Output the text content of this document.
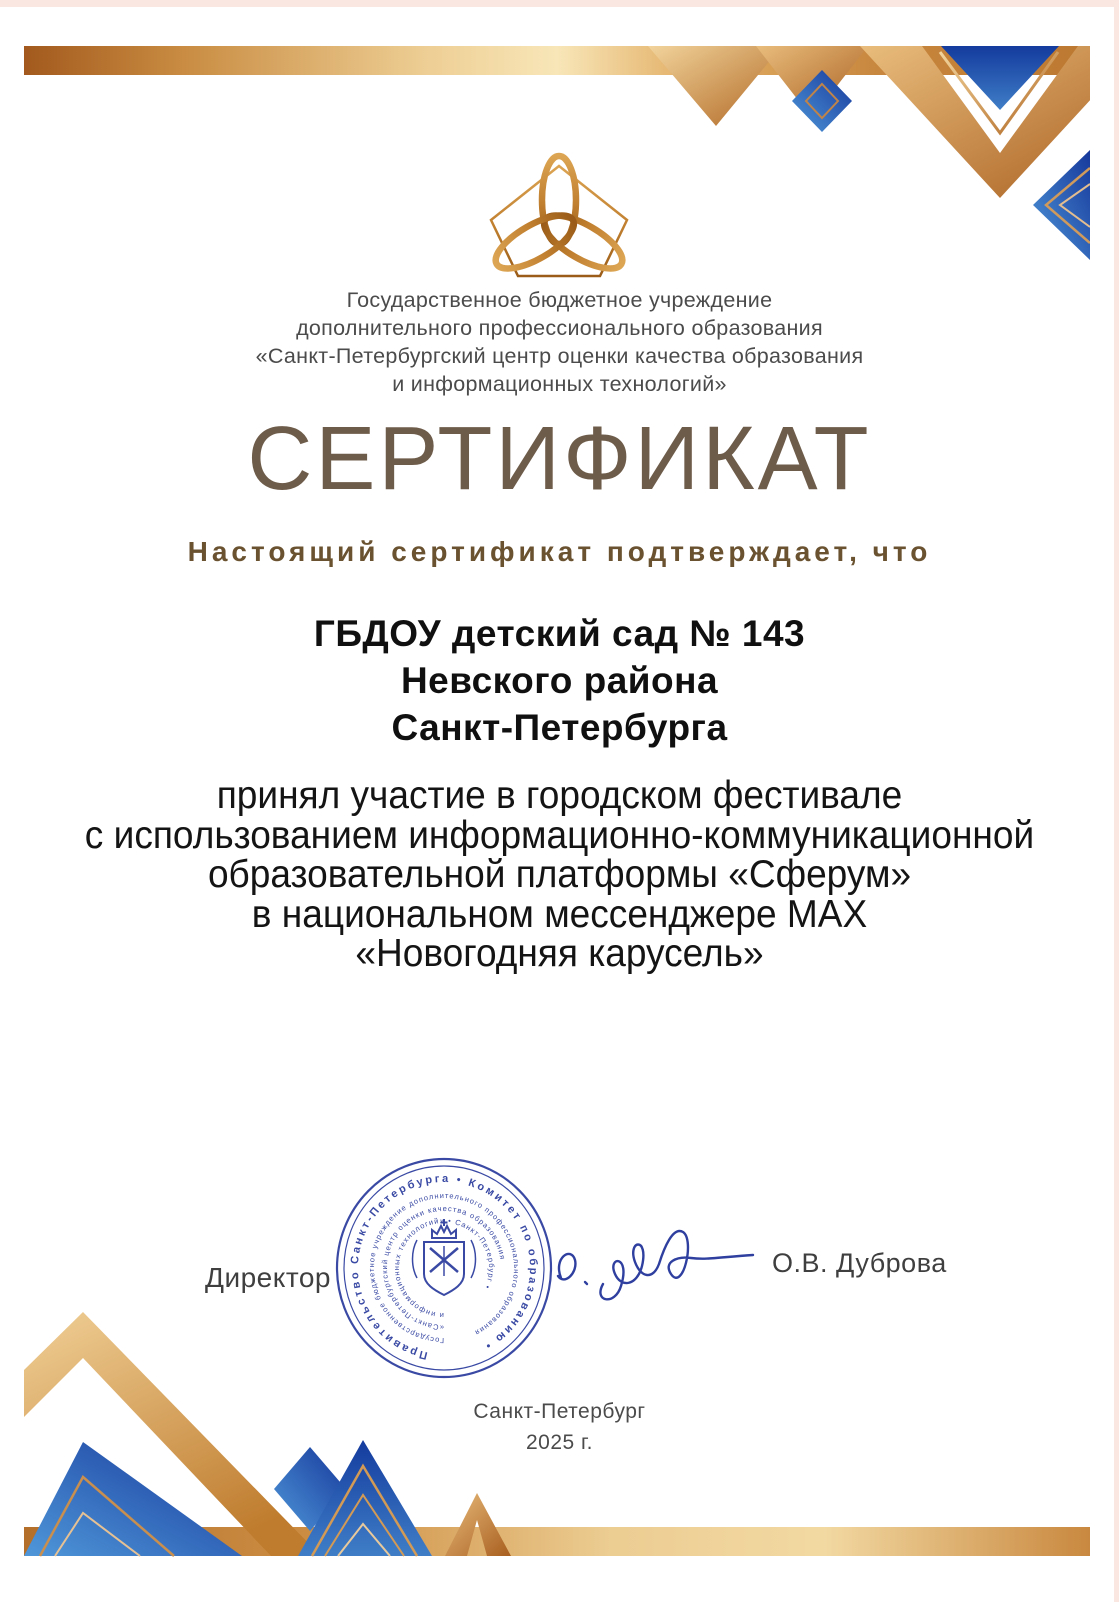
Государственное бюджетное учреждение
дополнительного профессионального образования
«Санкт-Петербургский центр оценки качества образования
и информационных технологий»
СЕРТИФИКАТ
Настоящий сертификат подтверждает, что
ГБДОУ детский сад № 143
Невского района
Санкт-Петербурга
принял участие в городском фестивале
с использованием информационно-коммуникационной
образовательной платформы «Сферум»
в национальном мессенджере MAX
«Новогодняя карусель»
Директор
Правительство Санкт-Петербурга • Комитет по образованию •
Государственное бюджетное учреждение дополнительного профессионального образования
«Санкт-Петербургский центр оценки качества образования
и информационных технологий» • Санкт-Петербург •
О.В. Дуброва
Санкт-Петербург
2025 г.
